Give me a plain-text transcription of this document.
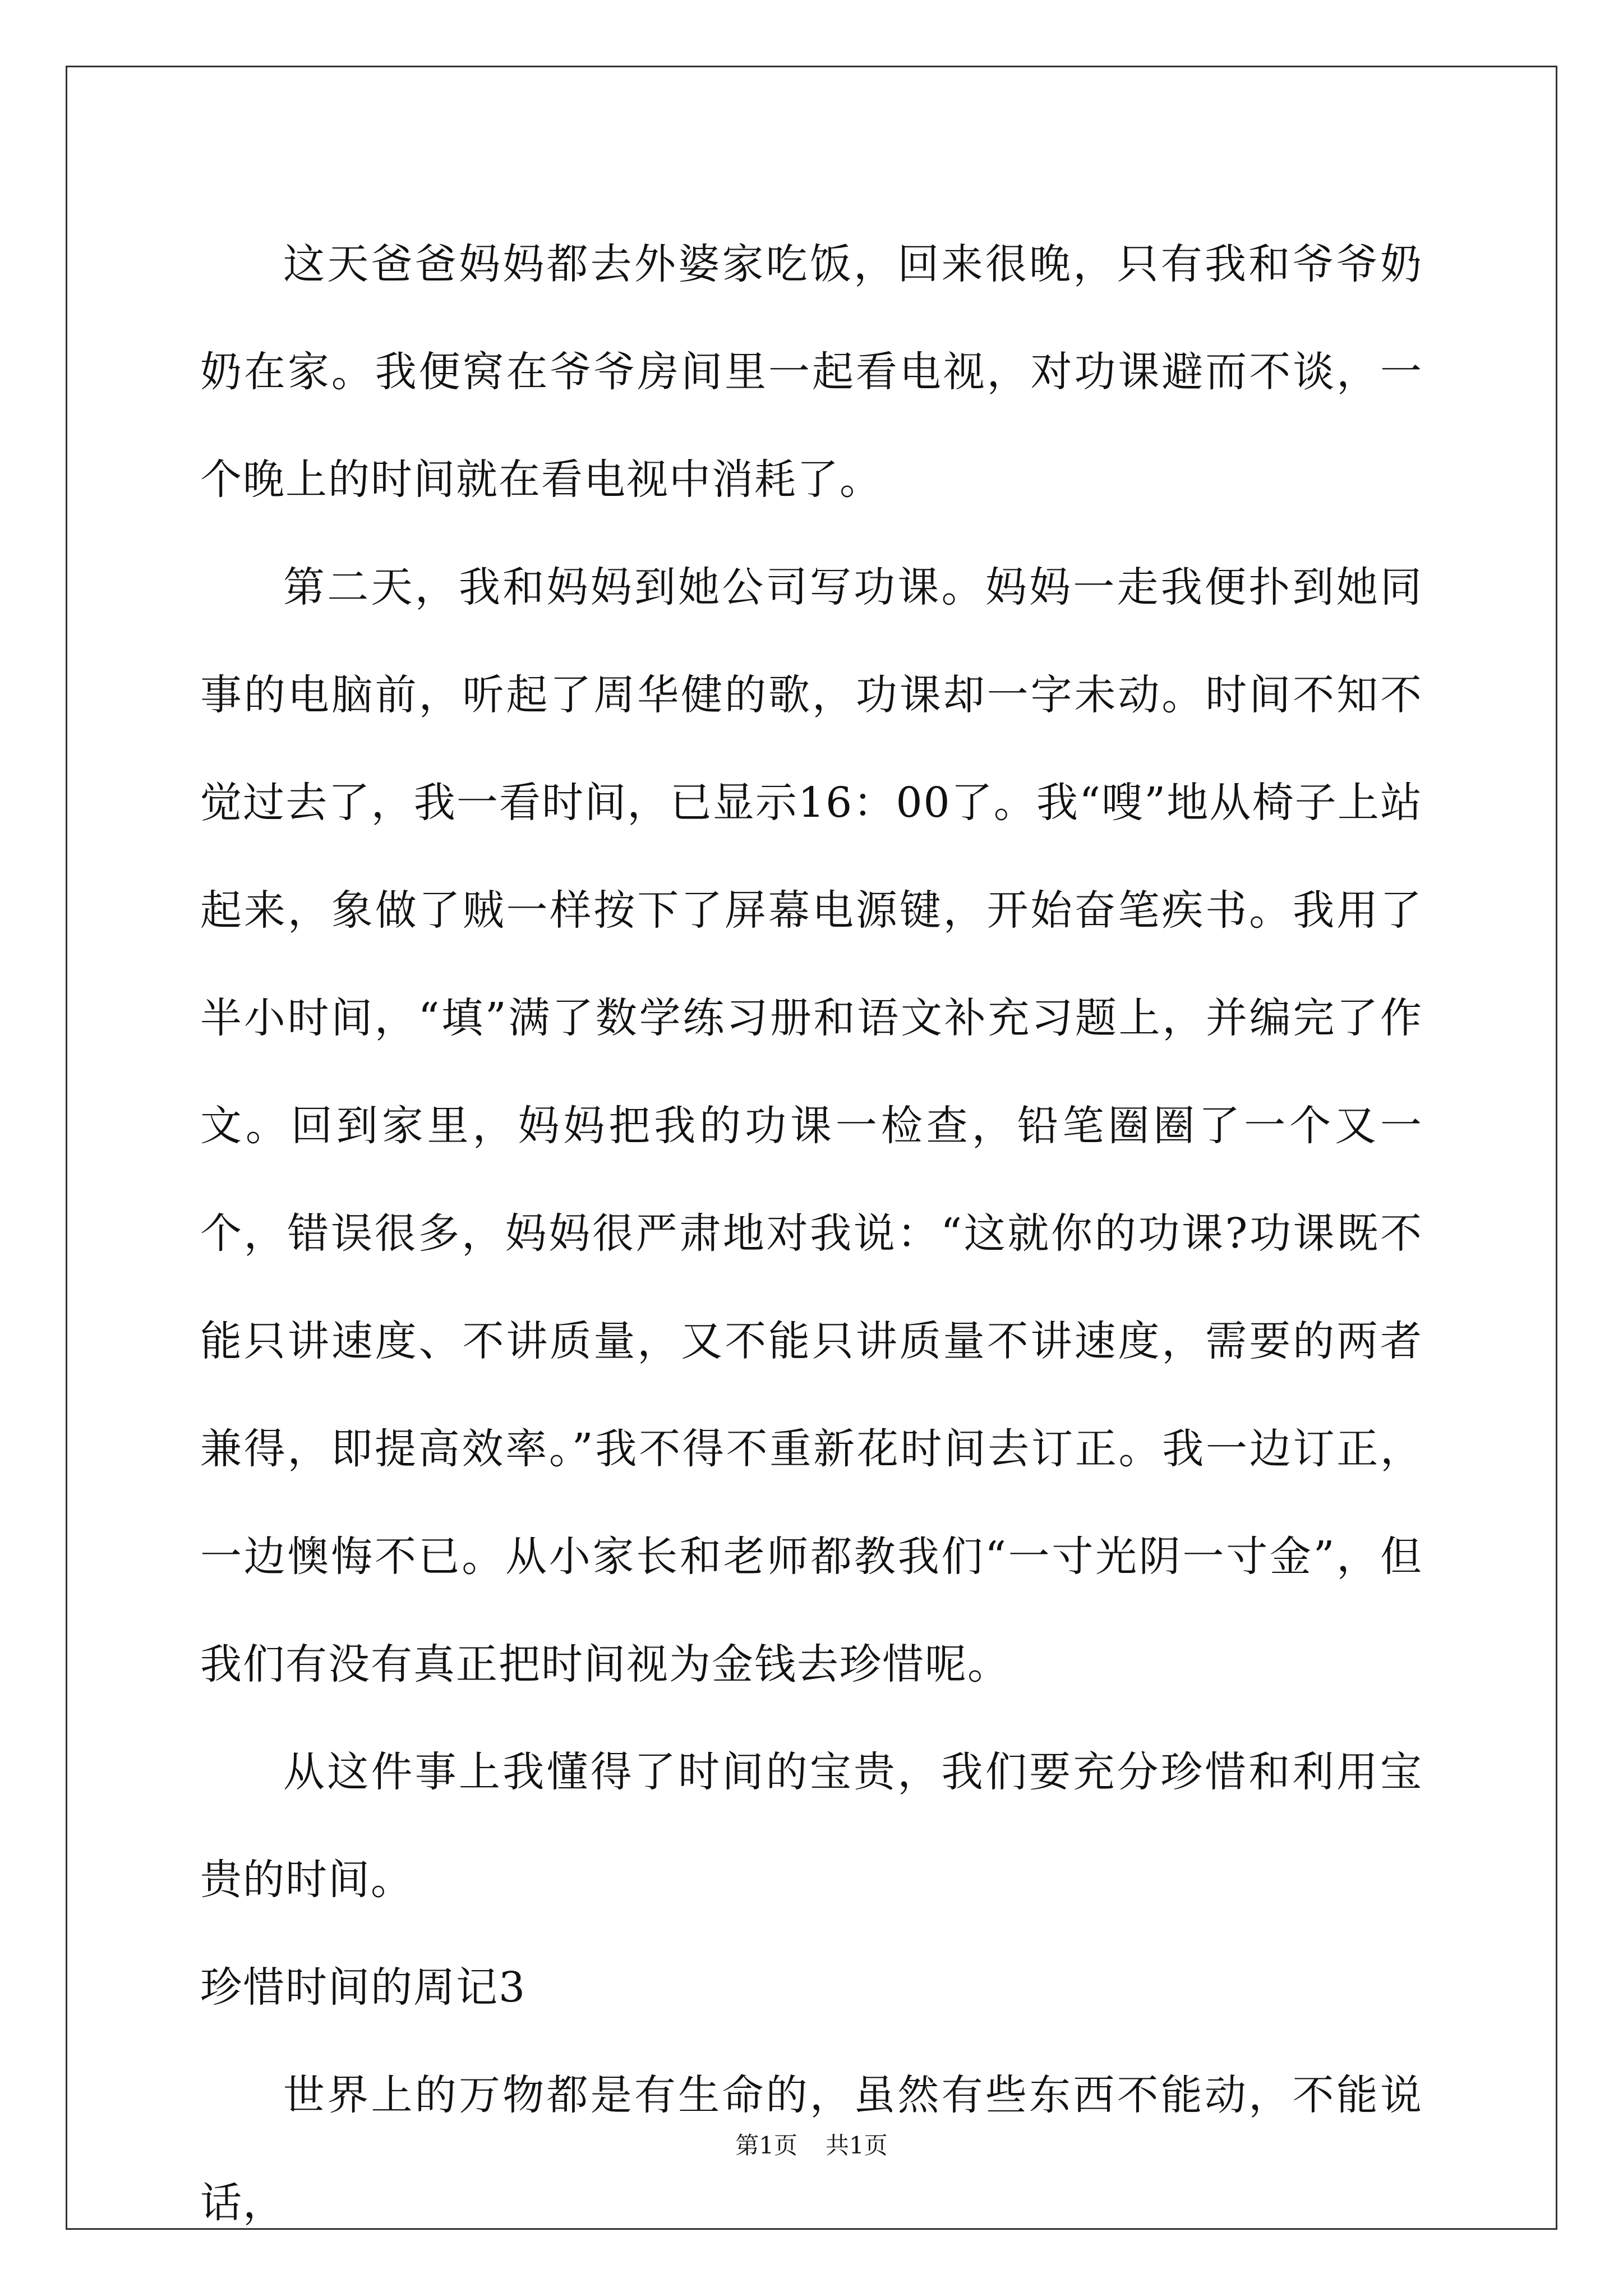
这天爸爸妈妈都去外婆家吃饭，回来很晚，只有我和爷爷奶奶在家。我便窝在爷爷房间里一起看电视，对功课避而不谈，一个晚上的时间就在看电视中消耗了。

第二天，我和妈妈到她公司写功课。妈妈一走我便扑到她同事的电脑前，听起了周华健的歌，功课却一字未动。时间不知不觉过去了，我一看时间，已显示16：00了。我“嗖”地从椅子上站起来，象做了贼一样按下了屏幕电源键，开始奋笔疾书。我用了半小时间，“填”满了数学练习册和语文补充习题上，并编完了作文。回到家里，妈妈把我的功课一检查，铅笔圈圈了一个又一个，错误很多，妈妈很严肃地对我说：“这就你的功课?功课既不能只讲速度、不讲质量，又不能只讲质量不讲速度，需要的两者兼得，即提高效率。”我不得不重新花时间去订正。我一边订正，一边懊悔不已。从小家长和老师都教我们“一寸光阴一寸金”，但我们有没有真正把时间视为金钱去珍惜呢。

从这件事上我懂得了时间的宝贵，我们要充分珍惜和利用宝贵的时间。

珍惜时间的周记3

世界上的万物都是有生命的，虽然有些东西不能动，不能说话，

第1页 共1页
